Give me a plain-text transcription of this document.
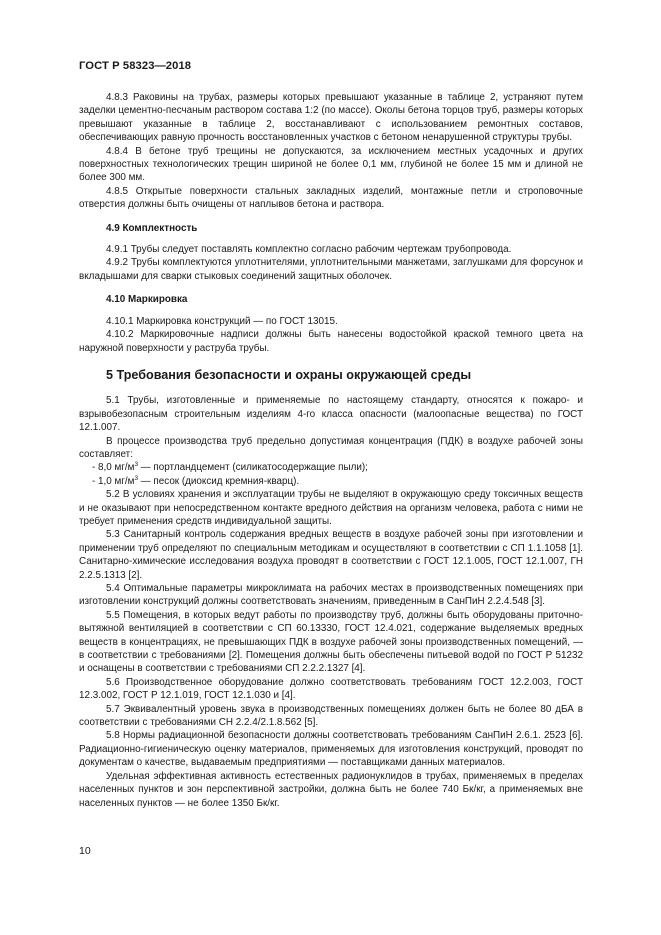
ГОСТ Р 58323—2018

4.8.3 Раковины на трубах, размеры которых превышают указанные в таблице 2, устраняют путем заделки цементно-песчаным раствором состава 1:2 (по массе). Околы бетона торцов труб, размеры которых превышают указанные в таблице 2, восстанавливают с использованием ремонтных составов, обеспечивающих равную прочность восстановленных участков с бетоном ненарушенной структуры трубы.

4.8.4 В бетоне труб трещины не допускаются, за исключением местных усадочных и других поверхностных технологических трещин шириной не более 0,1 мм, глубиной не более 15 мм и длиной не более 300 мм.

4.8.5 Открытые поверхности стальных закладных изделий, монтажные петли и строповочные отверстия должны быть очищены от наплывов бетона и раствора.

4.9 Комплектность

4.9.1 Трубы следует поставлять комплектно согласно рабочим чертежам трубопровода.

4.9.2 Трубы комплектуются уплотнителями, уплотнительными манжетами, заглушками для форсунок и вкладышами для сварки стыковых соединений защитных оболочек.

4.10 Маркировка

4.10.1 Маркировка конструкций — по ГОСТ 13015.

4.10.2 Маркировочные надписи должны быть нанесены водостойкой краской темного цвета на наружной поверхности у раструба трубы.

5 Требования безопасности и охраны окружающей среды

5.1 Трубы, изготовленные и применяемые по настоящему стандарту, относятся к пожаро- и взрывобезопасным строительным изделиям 4-го класса опасности (малоопасные вещества) по ГОСТ 12.1.007.

В процессе производства труб предельно допустимая концентрация (ПДК) в воздухе рабочей зоны составляет:

- 8,0 $мг/м^3$ — портландцемент (силикатосодержащие пыли);

- 1,0 $мг/м^3$ — песок (диоксид кремния-кварц).

5.2 В условиях хранения и эксплуатации трубы не выделяют в окружающую среду токсичных веществ и не оказывают при непосредственном контакте вредного действия на организм человека, работа с ними не требует применения средств индивидуальной защиты.

5.3 Санитарный контроль содержания вредных веществ в воздухе рабочей зоны при изготовлении и применении труб определяют по специальным методикам и осуществляют в соответствии с СП 1.1.1058 [1]. Санитарно-химические исследования воздуха проводят в соответствии с ГОСТ 12.1.005, ГОСТ 12.1.007, ГН 2.2.5.1313 [2].

5.4 Оптимальные параметры микроклимата на рабочих местах в производственных помещениях при изготовлении конструкций должны соответствовать значениям, приведенным в СанПиН 2.2.4.548 [3].

5.5 Помещения, в которых ведут работы по производству труб, должны быть оборудованы приточно-вытяжной вентиляцией в соответствии с СП 60.13330, ГОСТ 12.4.021, содержание выделяемых вредных веществ в концентрациях, не превышающих ПДК в воздухе рабочей зоны производственных помещений, — в соответствии с требованиями [2]. Помещения должны быть обеспечены питьевой водой по ГОСТ Р 51232 и оснащены в соответствии с требованиями СП 2.2.2.1327 [4].

5.6 Производственное оборудование должно соответствовать требованиям ГОСТ 12.2.003, ГОСТ 12.3.002, ГОСТ Р 12.1.019, ГОСТ 12.1.030 и [4].

5.7 Эквивалентный уровень звука в производственных помещениях должен быть не более 80 дБА в соответствии с требованиями СН 2.2.4/2.1.8.562 [5].

5.8 Нормы радиационной безопасности должны соответствовать требованиям СанПиН 2.6.1. 2523 [6]. Радиационно-гигиеническую оценку материалов, применяемых для изготовления конструкций, проводят по документам о качестве, выдаваемым предприятиями — поставщиками данных материалов.

Удельная эффективная активность естественных радионуклидов в трубах, применяемых в пределах населенных пунктов и зон перспективной застройки, должна быть не более 740 Бк/кг, а применяемых вне населенных пунктов — не более 1350 Бк/кг.

10
